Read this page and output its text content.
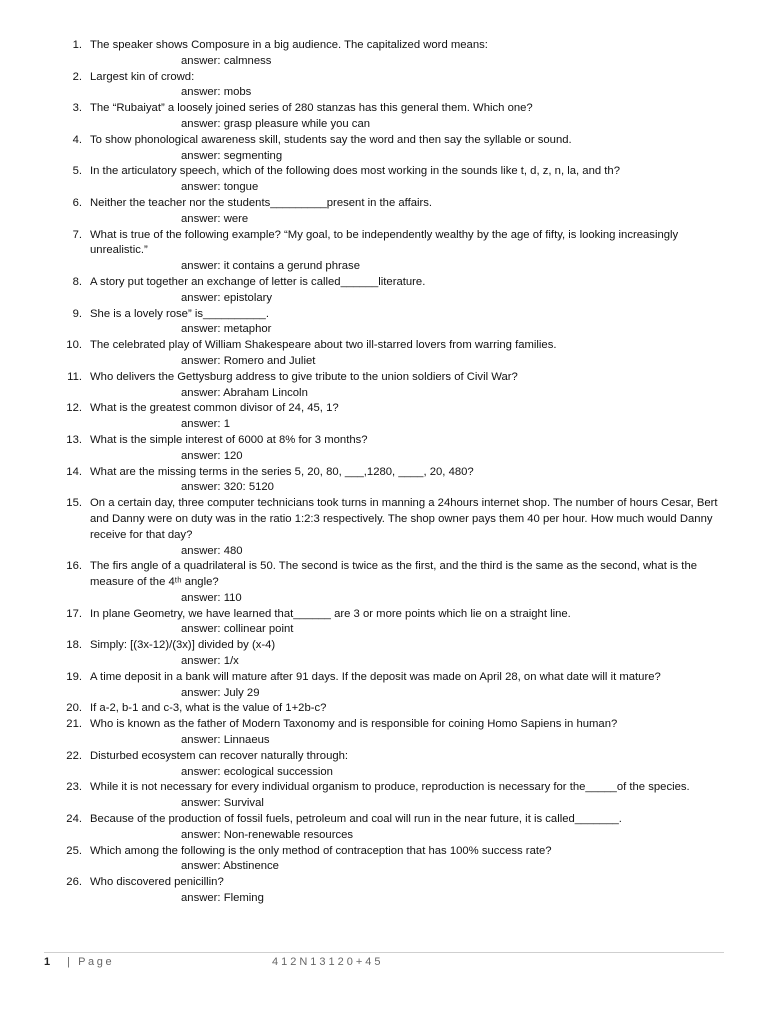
1. The speaker shows Composure in a big audience. The capitalized word means:
answer: calmness
2. Largest kin of crowd:
answer: mobs
3. The “Rubaiyat” a loosely joined series of 280 stanzas has this general them. Which one?
answer: grasp pleasure while you can
4. To show phonological awareness skill, students say the word and then say the syllable or sound.
answer: segmenting
5. In the articulatory speech, which of the following does most working in the sounds like t, d, z, n, la, and th?
answer: tongue
6. Neither the teacher nor the students_________present in the affairs.
answer: were
7. What is true of the following example? “My goal, to be independently wealthy by the age of fifty, is looking increasingly unrealistic.”
answer: it contains a gerund phrase
8. A story put together an exchange of letter is called______literature.
answer: epistolary
9. She is a lovely rose” is__________.
answer: metaphor
10. The celebrated play of William Shakespeare about two ill-starred lovers from warring families.
answer: Romero and Juliet
11. Who delivers the Gettysburg address to give tribute to the union soldiers of Civil War?
answer: Abraham Lincoln
12. What is the greatest common divisor of 24, 45, 1?
answer: 1
13. What is the simple interest of 6000 at 8% for 3 months?
answer: 120
14. What are the missing terms in the series 5, 20, 80, ___,1280, ____, 20, 480?
answer: 320: 5120
15. On a certain day, three computer technicians took turns in manning a 24hours internet shop. The number of hours Cesar, Bert and Danny were on duty was in the ratio 1:2:3 respectively. The shop owner pays them 40 per hour. How much would Danny receive for that day?
answer: 480
16. The firs angle of a quadrilateral is 50. The second is twice as the first, and the third is the same as the second, what is the measure of the 4ᵗʰ angle?
answer: 110
17. In plane Geometry, we have learned that______ are 3 or more points which lie on a straight line.
answer: collinear point
18. Simply: [(3x-12)/(3x)] divided by (x-4)
answer: 1/x
19. A time deposit in a bank will mature after 91 days. If the deposit was made on April 28, on what date will it mature?
answer: July 29
20. If a-2, b-1 and c-3, what is the value of 1+2b-c?
21. Who is known as the father of Modern Taxonomy and is responsible for coining Homo Sapiens in human?
answer: Linnaeus
22. Disturbed ecosystem can recover naturally through:
answer: ecological succession
23. While it is not necessary for every individual organism to produce, reproduction is necessary for the_____of the species.
answer: Survival
24. Because of the production of fossil fuels, petroleum and coal will run in the near future, it is called_______.
answer: Non-renewable resources
25. Which among the following is the only method of contraception that has 100% success rate?
answer: Abstinence
26. Who discovered penicillin?
answer: Fleming
1 | Page	412N13120+45
